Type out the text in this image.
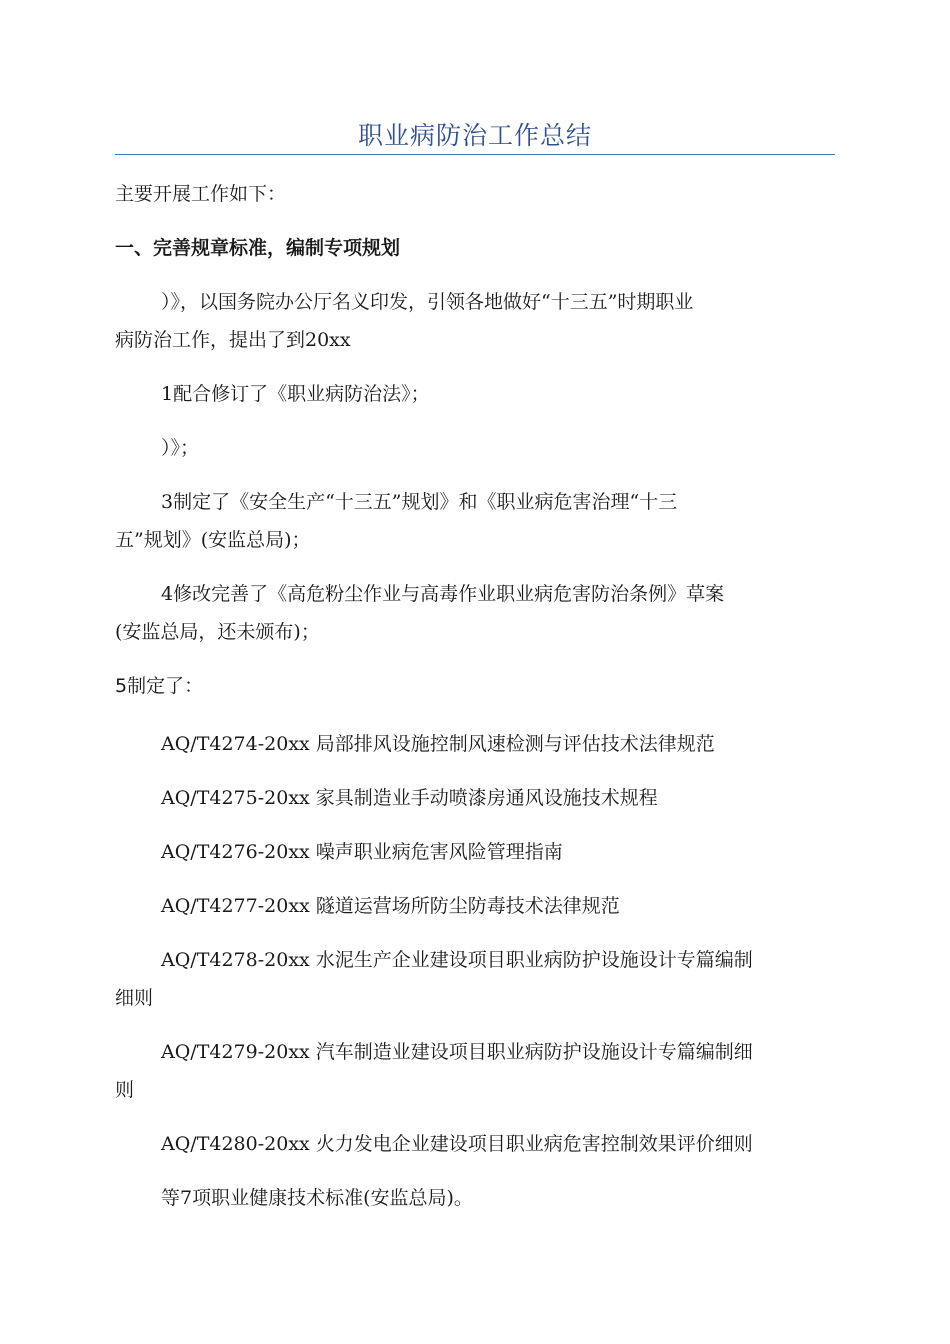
职业病防治工作总结
主要开展工作如下：
一、完善规章标准，编制专项规划
）》，以国务院办公厅名义印发，引领各地做好“十三五”时期职业
病防治工作，提出了到20xx
1配合修订了《职业病防治法》；
）》；
3制定了《安全生产“十三五”规划》和《职业病危害治理“十三
五”规划》(安监总局)；
4修改完善了《高危粉尘作业与高毒作业职业病危害防治条例》草案
(安监总局，还未颁布)；
5制定了：
AQ/T4274-20xx 局部排风设施控制风速检测与评估技术法律规范
AQ/T4275-20xx 家具制造业手动喷漆房通风设施技术规程
AQ/T4276-20xx 噪声职业病危害风险管理指南
AQ/T4277-20xx 隧道运营场所防尘防毒技术法律规范
AQ/T4278-20xx 水泥生产企业建设项目职业病防护设施设计专篇编制
细则
AQ/T4279-20xx 汽车制造业建设项目职业病防护设施设计专篇编制细
则
AQ/T4280-20xx 火力发电企业建设项目职业病危害控制效果评价细则
等7项职业健康技术标准(安监总局)。
